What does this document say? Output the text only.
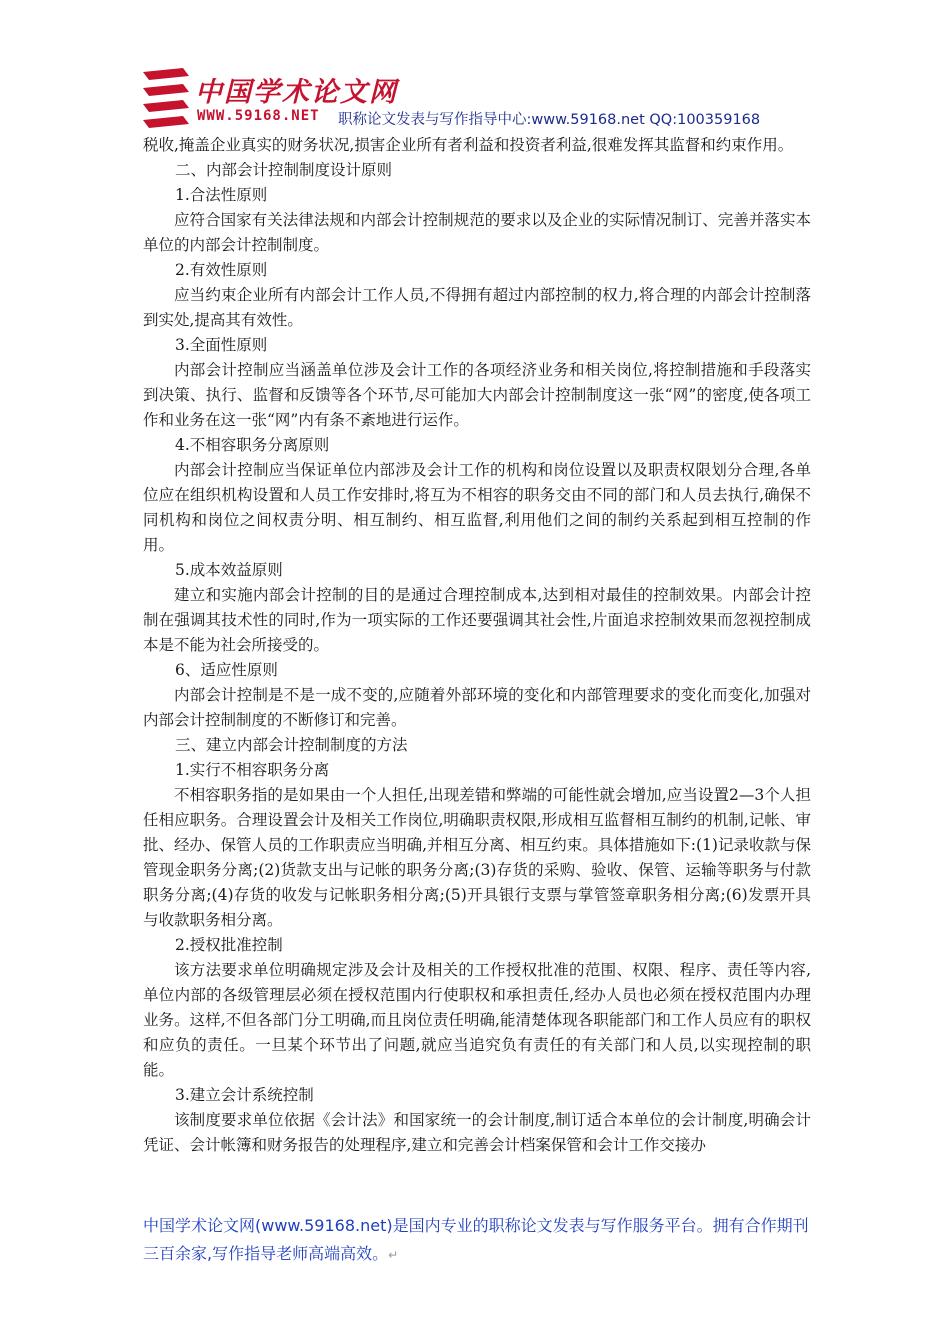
中国学术论文网
WWW.59168.NET 职称论文发表与写作指导中心:www.59168.net QQ:100359168

税收,掩盖企业真实的财务状况,损害企业所有者利益和投资者利益,很难发挥其监督和约束作用。

二、内部会计控制制度设计原则

1.合法性原则

应符合国家有关法律法规和内部会计控制规范的要求以及企业的实际情况制订、完善并落实本单位的内部会计控制制度。

2.有效性原则

应当约束企业所有内部会计工作人员,不得拥有超过内部控制的权力,将合理的内部会计控制落到实处,提高其有效性。

3.全面性原则

内部会计控制应当涵盖单位涉及会计工作的各项经济业务和相关岗位,将控制措施和手段落实到决策、执行、监督和反馈等各个环节,尽可能加大内部会计控制制度这一张“网”的密度,使各项工作和业务在这一张“网”内有条不紊地进行运作。

4.不相容职务分离原则

内部会计控制应当保证单位内部涉及会计工作的机构和岗位设置以及职责权限划分合理,各单位应在组织机构设置和人员工作安排时,将互为不相容的职务交由不同的部门和人员去执行,确保不同机构和岗位之间权责分明、相互制约、相互监督,利用他们之间的制约关系起到相互控制的作用。

5.成本效益原则

建立和实施内部会计控制的目的是通过合理控制成本,达到相对最佳的控制效果。内部会计控制在强调其技术性的同时,作为一项实际的工作还要强调其社会性,片面追求控制效果而忽视控制成本是不能为社会所接受的。

6、适应性原则

内部会计控制是不是一成不变的,应随着外部环境的变化和内部管理要求的变化而变化,加强对内部会计控制制度的不断修订和完善。

三、建立内部会计控制制度的方法

1.实行不相容职务分离

不相容职务指的是如果由一个人担任,出现差错和弊端的可能性就会增加,应当设置2—3个人担任相应职务。合理设置会计及相关工作岗位,明确职责权限,形成相互监督相互制约的机制,记帐、审批、经办、保管人员的工作职责应当明确,并相互分离、相互约束。具体措施如下:(1)记录收款与保管现金职务分离;(2)货款支出与记帐的职务分离;(3)存货的采购、验收、保管、运输等职务与付款职务分离;(4)存货的收发与记帐职务相分离;(5)开具银行支票与掌管签章职务相分离;(6)发票开具与收款职务相分离。

2.授权批准控制

该方法要求单位明确规定涉及会计及相关的工作授权批准的范围、权限、程序、责任等内容,单位内部的各级管理层必须在授权范围内行使职权和承担责任,经办人员也必须在授权范围内办理业务。这样,不但各部门分工明确,而且岗位责任明确,能清楚体现各职能部门和工作人员应有的职权和应负的责任。一旦某个环节出了问题,就应当追究负有责任的有关部门和人员,以实现控制的职能。

3.建立会计系统控制

该制度要求单位依据《会计法》和国家统一的会计制度,制订适合本单位的会计制度,明确会计凭证、会计帐簿和财务报告的处理程序,建立和完善会计档案保管和会计工作交接办

中国学术论文网(www.59168.net)是国内专业的职称论文发表与写作服务平台。拥有合作期刊三百余家,写作指导老师高端高效。↵
